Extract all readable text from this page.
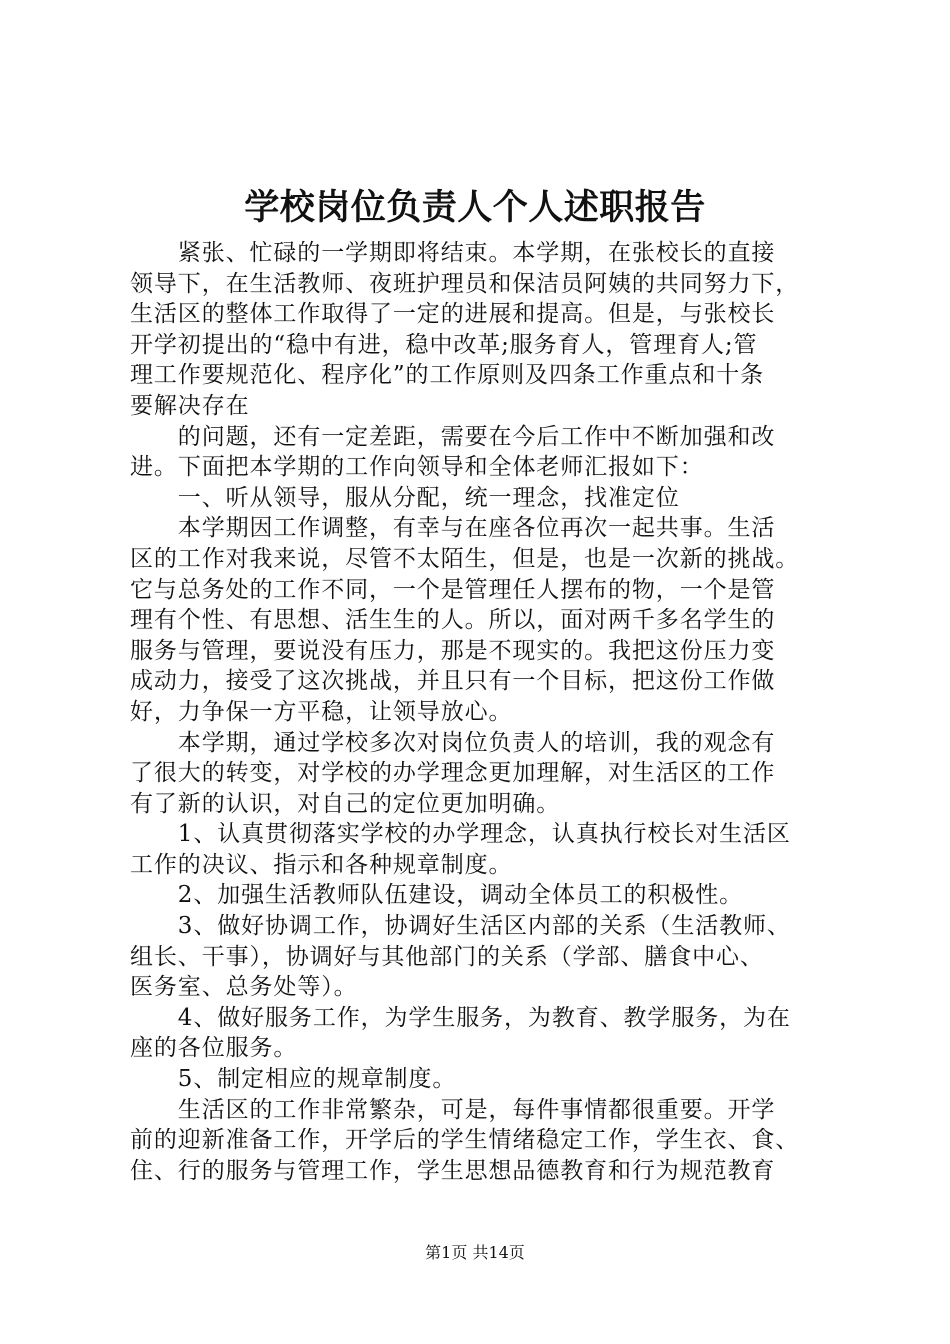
学校岗位负责人个人述职报告
　　紧张、忙碌的一学期即将结束。本学期，在张校长的直接
领导下，在生活教师、夜班护理员和保洁员阿姨的共同努力下，
生活区的整体工作取得了一定的进展和提高。但是，与张校长
开学初提出的“稳中有进，稳中改革;服务育人，管理育人;管
理工作要规范化、程序化”的工作原则及四条工作重点和十条
要解决存在
　　的问题，还有一定差距，需要在今后工作中不断加强和改
进。下面把本学期的工作向领导和全体老师汇报如下：
　　一、听从领导，服从分配，统一理念，找准定位
　　本学期因工作调整，有幸与在座各位再次一起共事。生活
区的工作对我来说，尽管不太陌生，但是，也是一次新的挑战。
它与总务处的工作不同，一个是管理任人摆布的物，一个是管
理有个性、有思想、活生生的人。所以，面对两千多名学生的
服务与管理，要说没有压力，那是不现实的。我把这份压力变
成动力，接受了这次挑战，并且只有一个目标，把这份工作做
好，力争保一方平稳，让领导放心。
　　本学期，通过学校多次对岗位负责人的培训，我的观念有
了很大的转变，对学校的办学理念更加理解，对生活区的工作
有了新的认识，对自己的定位更加明确。
　　1、认真贯彻落实学校的办学理念，认真执行校长对生活区
工作的决议、指示和各种规章制度。
　　2、加强生活教师队伍建设，调动全体员工的积极性。
　　3、做好协调工作，协调好生活区内部的关系（生活教师、
组长、干事），协调好与其他部门的关系（学部、膳食中心、
医务室、总务处等）。
　　4、做好服务工作，为学生服务，为教育、教学服务，为在
座的各位服务。
　　5、制定相应的规章制度。
　　生活区的工作非常繁杂，可是，每件事情都很重要。开学
前的迎新准备工作，开学后的学生情绪稳定工作，学生衣、食、
住、行的服务与管理工作，学生思想品德教育和行为规范教育
第1页 共14页
